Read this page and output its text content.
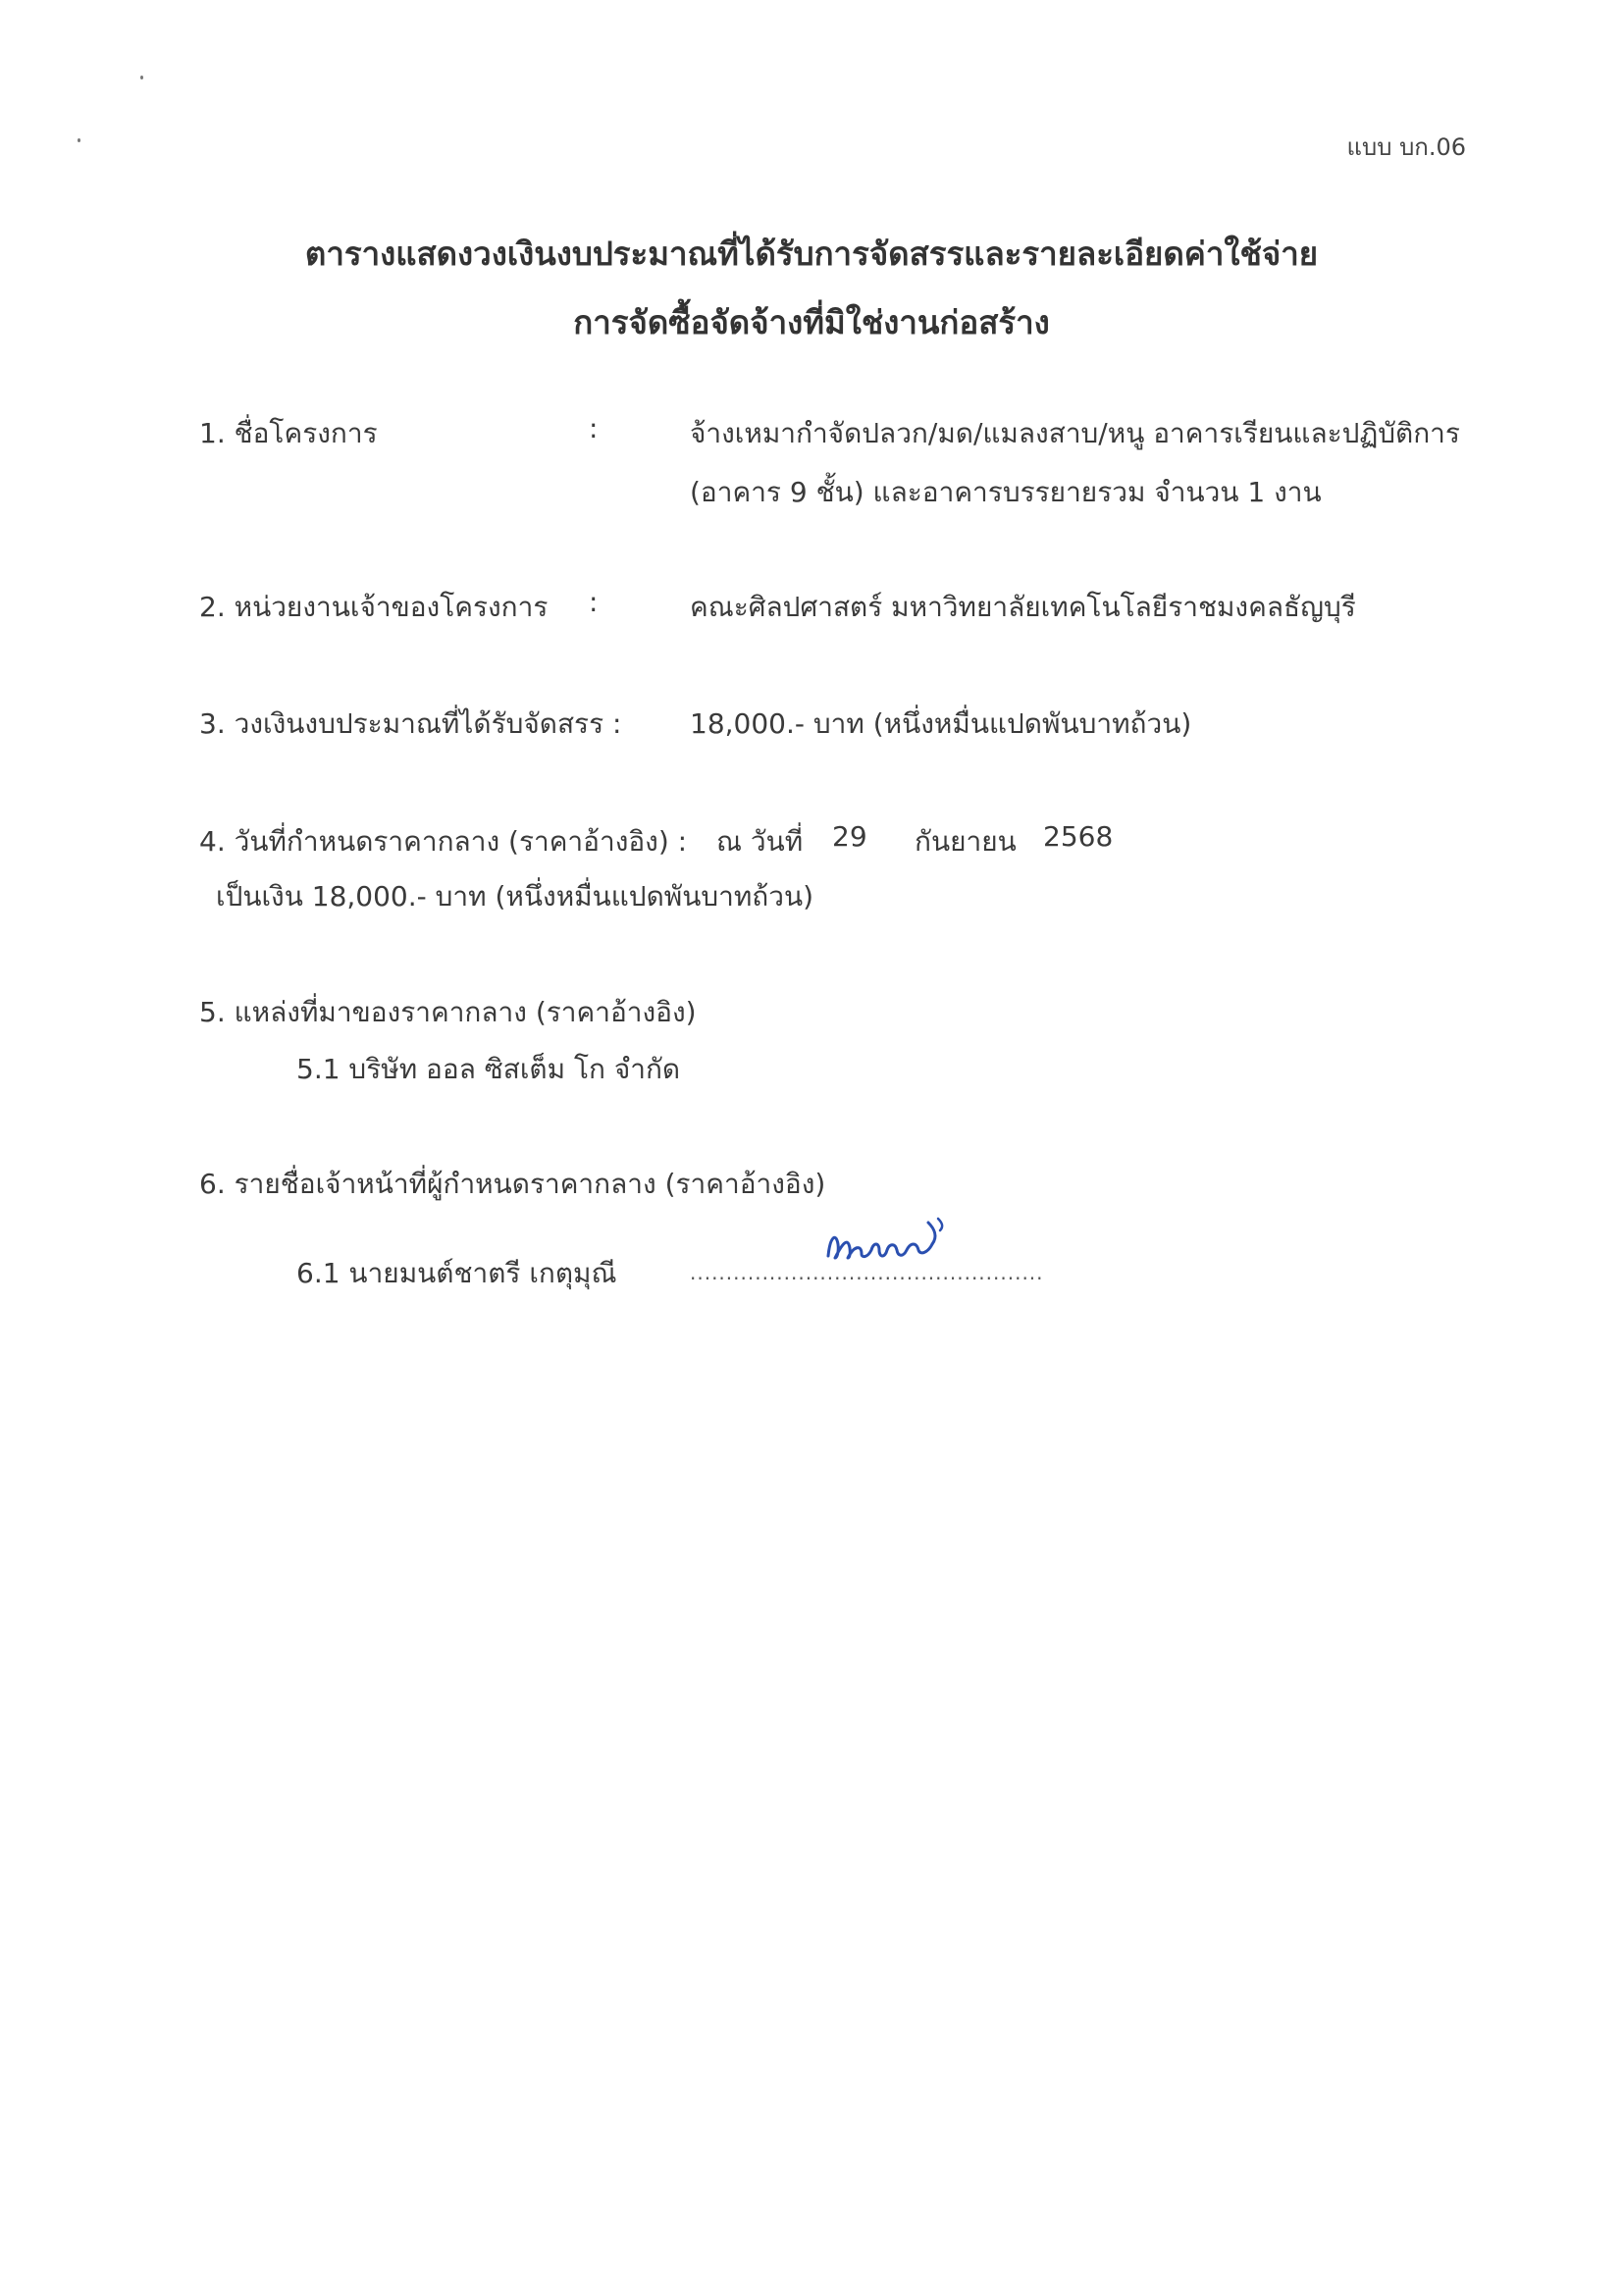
แบบ บก.06
ตารางแสดงวงเงินงบประมาณที่ได้รับการจัดสรรและรายละเอียดค่าใช้จ่าย
การจัดซื้อจัดจ้างที่มิใช่งานก่อสร้าง
1. ชื่อโครงการ	:	จ้างเหมากำจัดปลวก/มด/แมลงสาบ/หนู อาคารเรียนและปฏิบัติการ
(อาคาร 9 ชั้น) และอาคารบรรยายรวม จำนวน 1 งาน
2. หน่วยงานเจ้าของโครงการ :	คณะศิลปศาสตร์ มหาวิทยาลัยเทคโนโลยีราชมงคลธัญบุรี
3. วงเงินงบประมาณที่ได้รับจัดสรร : 18,000.- บาท (หนึ่งหมื่นแปดพันบาทถ้วน)
4. วันที่กำหนดราคากลาง (ราคาอ้างอิง) : ณ วันที่ 29 กันยายน 2568
เป็นเงิน 18,000.- บาท (หนึ่งหมื่นแปดพันบาทถ้วน)
5. แหล่งที่มาของราคากลาง (ราคาอ้างอิง)
5.1 บริษัท ออล ซิสเต็ม โก จำกัด
6. รายชื่อเจ้าหน้าที่ผู้กำหนดราคากลาง (ราคาอ้างอิง)
6.1 นายมนต์ชาตรี เกตุมุณี	.................................................
